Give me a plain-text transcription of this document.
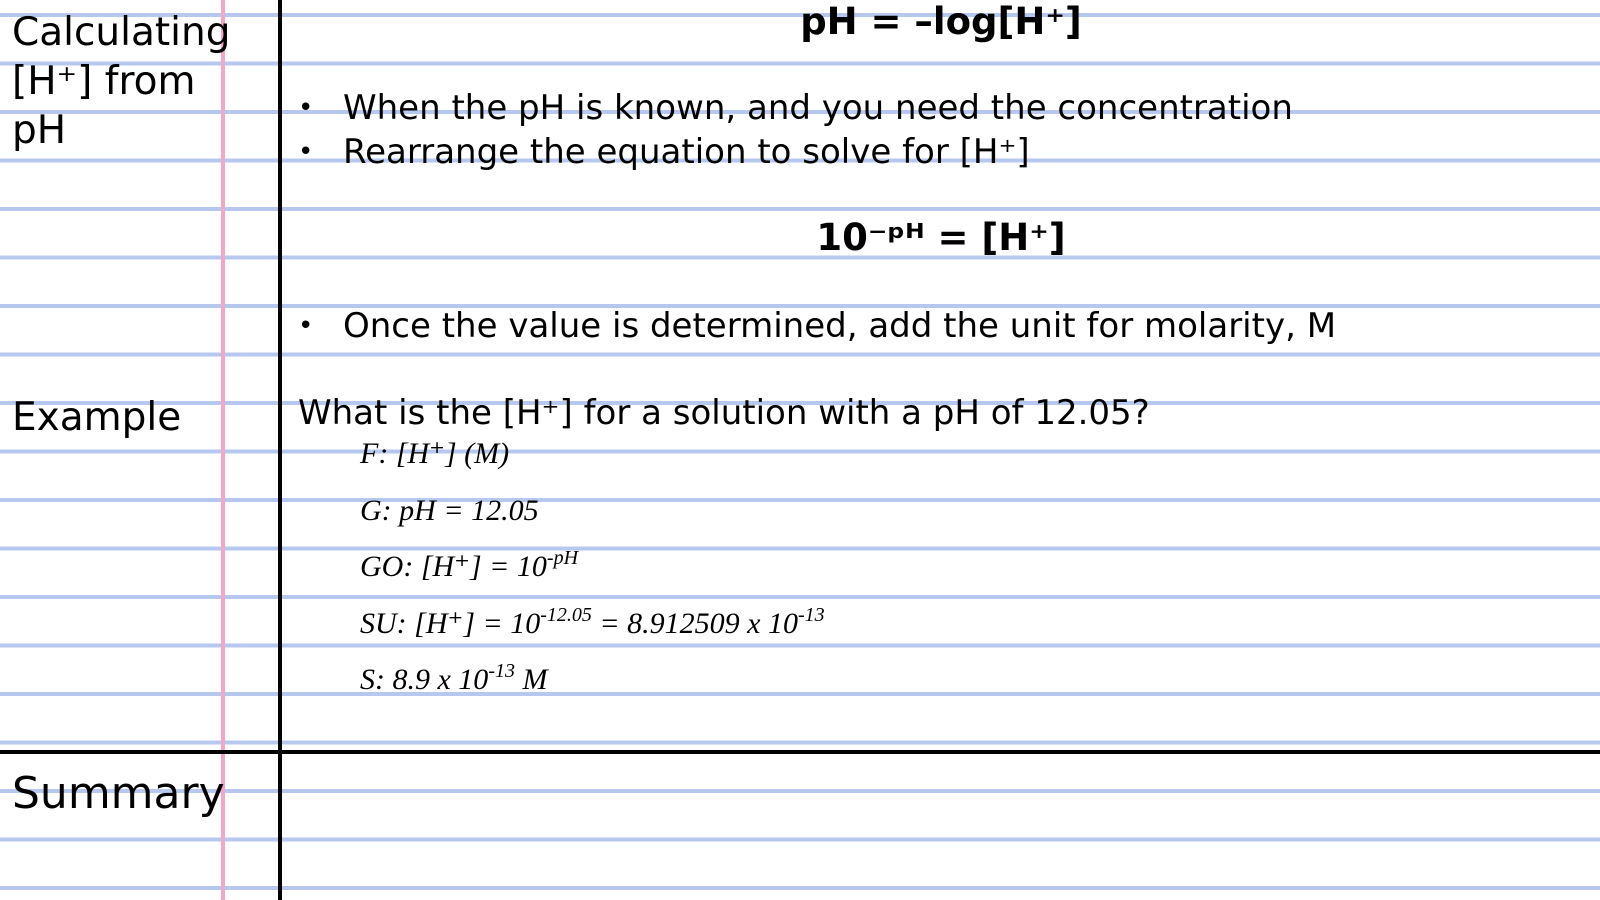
Calculating
[H⁺] from
pH
Example
Summary
pH = –log[H⁺]
• When the pH is known, and you need the concentration
• Rearrange the equation to solve for [H⁺]
10⁻ᵖᴴ = [H⁺]
• Once the value is determined, add the unit for molarity, M
What is the [H⁺] for a solution with a pH of 12.05?
F: [H⁺] (M)
G: pH = 12.05
GO: $[H^+] = 10^{-pH}$
SU: $[H^+] = 10^{-12.05} = 8.912509$ x $10^{-13}$
S: 8.9 x $10^{-13}$ M
